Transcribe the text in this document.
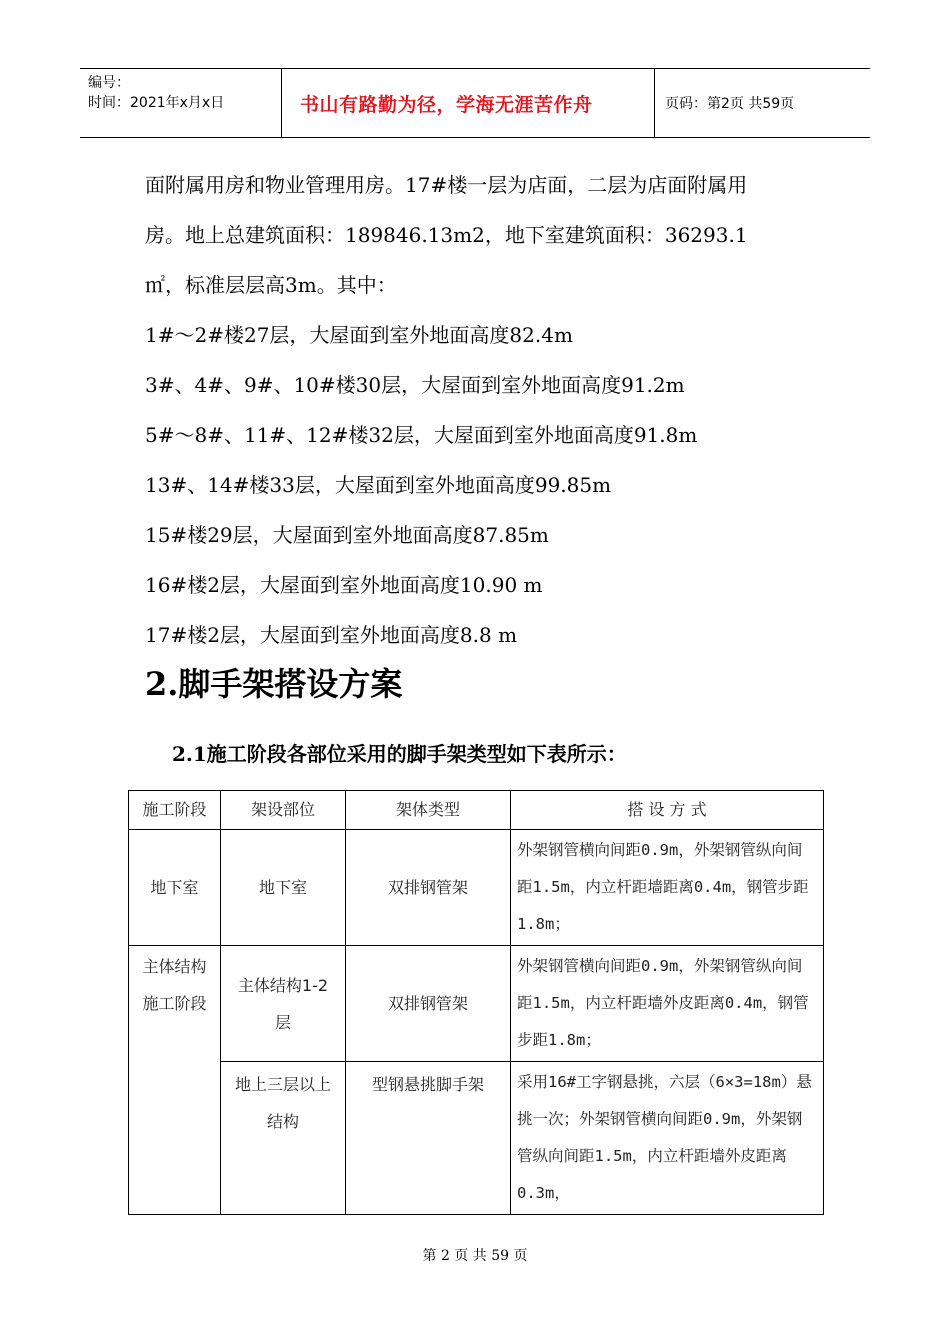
编号：
时间：2021年x月x日	书山有路勤为径，学海无涯苦作舟	页码：第2页 共59页

面附属用房和物业管理用房。17#楼一层为店面，二层为店面附属用

房。地上总建筑面积：189846.13m2，地下室建筑面积：36293.1

㎡，标准层层高3m。其中：

1#～2#楼27层，大屋面到室外地面高度82.4m

3#、4#、9#、10#楼30层，大屋面到室外地面高度91.2m

5#～8#、11#、12#楼32层，大屋面到室外地面高度91.8m

13#、14#楼33层，大屋面到室外地面高度99.85m

15#楼29层，大屋面到室外地面高度87.85m

16#楼2层，大屋面到室外地面高度10.90 m

17#楼2层，大屋面到室外地面高度8.8 m

2.脚手架搭设方案
2.1施工阶段各部位采用的脚手架类型如下表所示：
施工阶段	架设部位	架体类型	搭 设 方 式
地下室	地下室	双排钢管架	外架钢管横向间距0.9m，外架钢管纵向间距1.5m，内立杆距墙距离0.4m，钢管步距1.8m；
主体结构施工阶段	主体结构1-2层	双排钢管架	外架钢管横向间距0.9m，外架钢管纵向间距1.5m，内立杆距墙外皮距离0.4m，钢管步距1.8m；
	地上三层以上结构	型钢悬挑脚手架	采用16#工字钢悬挑，六层（6×3=18m）悬挑一次；外架钢管横向间距0.9m，外架钢管纵向间距1.5m，内立杆距墙外皮距离0.3m，
第 2 页 共 59 页
